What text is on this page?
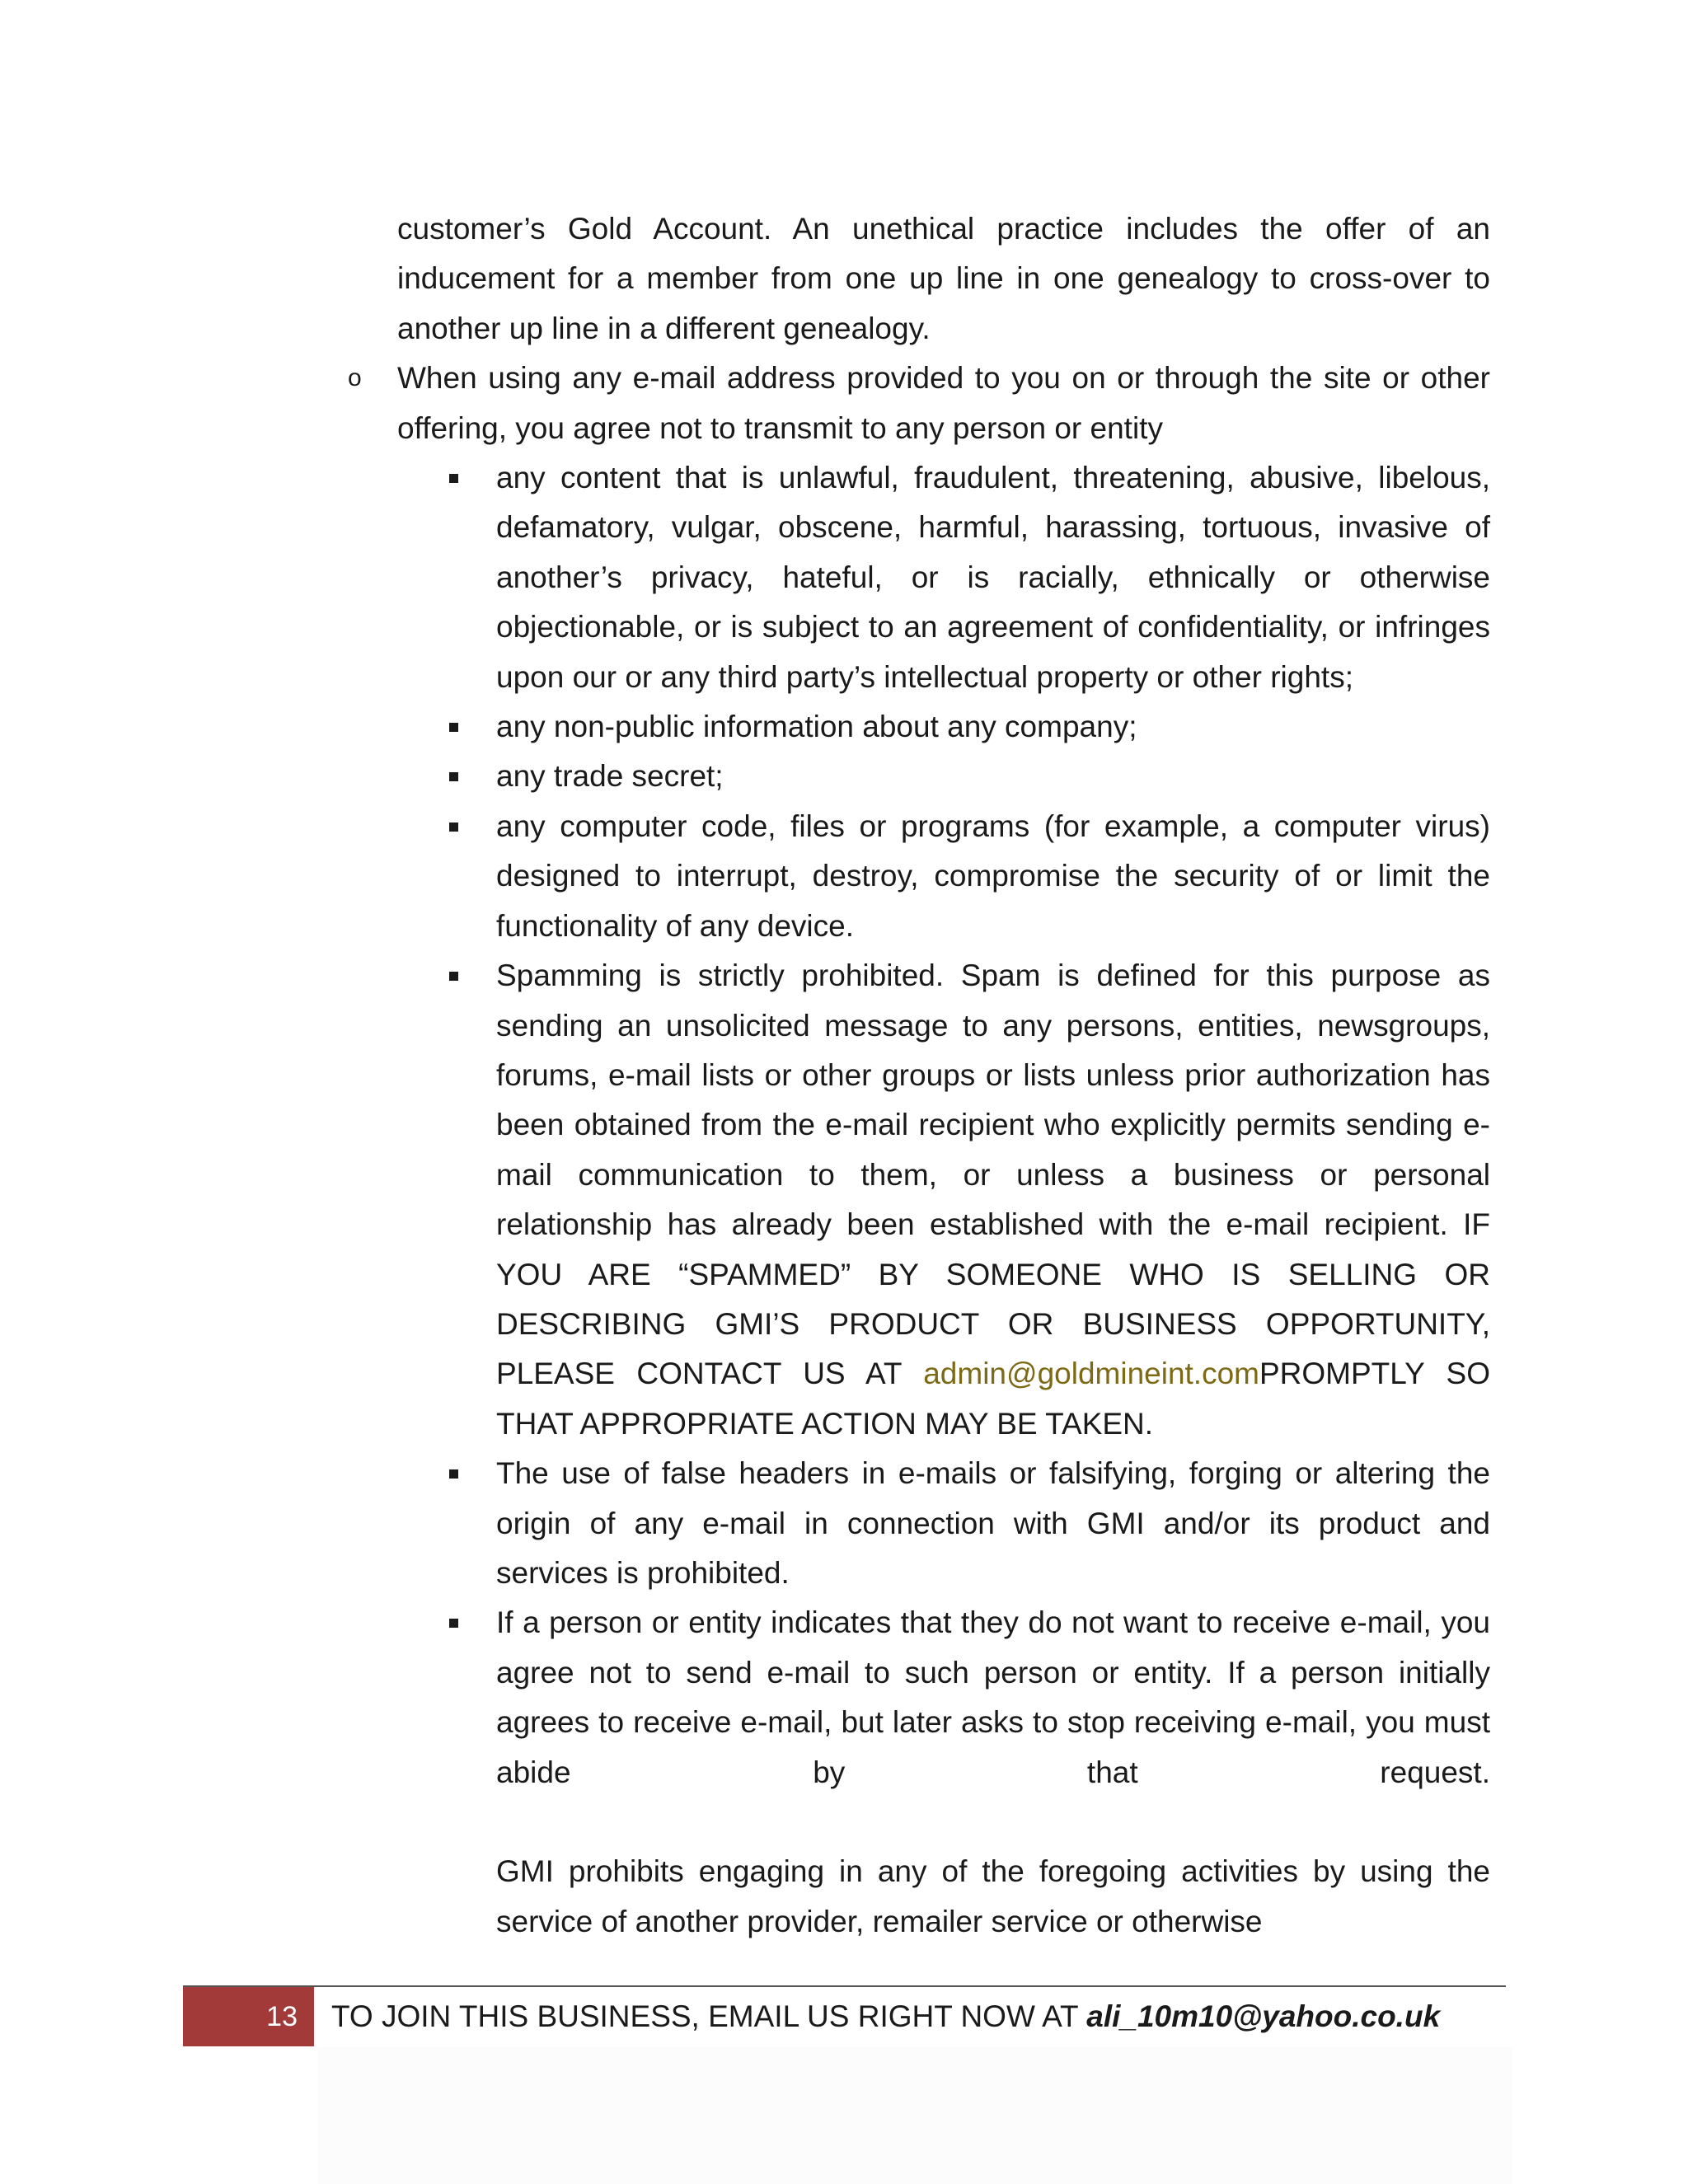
customer’s Gold Account. An unethical practice includes the offer of an inducement for a member from one up line in one genealogy to cross-over to another up line in a different genealogy.

o When using any e-mail address provided to you on or through the site or other offering, you agree not to transmit to any person or entity

any content that is unlawful, fraudulent, threatening, abusive, libelous, defamatory, vulgar, obscene, harmful, harassing, tortuous, invasive of another’s privacy, hateful, or is racially, ethnically or otherwise objectionable, or is subject to an agreement of confidentiality, or infringes upon our or any third party’s intellectual property or other rights;

any non-public information about any company;

any trade secret;

any computer code, files or programs (for example, a computer virus) designed to interrupt, destroy, compromise the security of or limit the functionality of any device.

Spamming is strictly prohibited. Spam is defined for this purpose as sending an unsolicited message to any persons, entities, newsgroups, forums, e-mail lists or other groups or lists unless prior authorization has been obtained from the e-mail recipient who explicitly permits sending e-mail communication to them, or unless a business or personal relationship has already been established with the e-mail recipient. IF YOU ARE “SPAMMED” BY SOMEONE WHO IS SELLING OR DESCRIBING GMI’S PRODUCT OR BUSINESS OPPORTUNITY, PLEASE CONTACT US AT admin@goldmineint.comPROMPTLY SO THAT APPROPRIATE ACTION MAY BE TAKEN.

The use of false headers in e-mails or falsifying, forging or altering the origin of any e-mail in connection with GMI and/or its product and services is prohibited.

If a person or entity indicates that they do not want to receive e-mail, you agree not to send e-mail to such person or entity. If a person initially agrees to receive e-mail, but later asks to stop receiving e-mail, you must abide by that request.

GMI prohibits engaging in any of the foregoing activities by using the service of another provider, remailer service or otherwise

13	TO JOIN THIS BUSINESS, EMAIL US RIGHT NOW AT ali_10m10@yahoo.co.uk
